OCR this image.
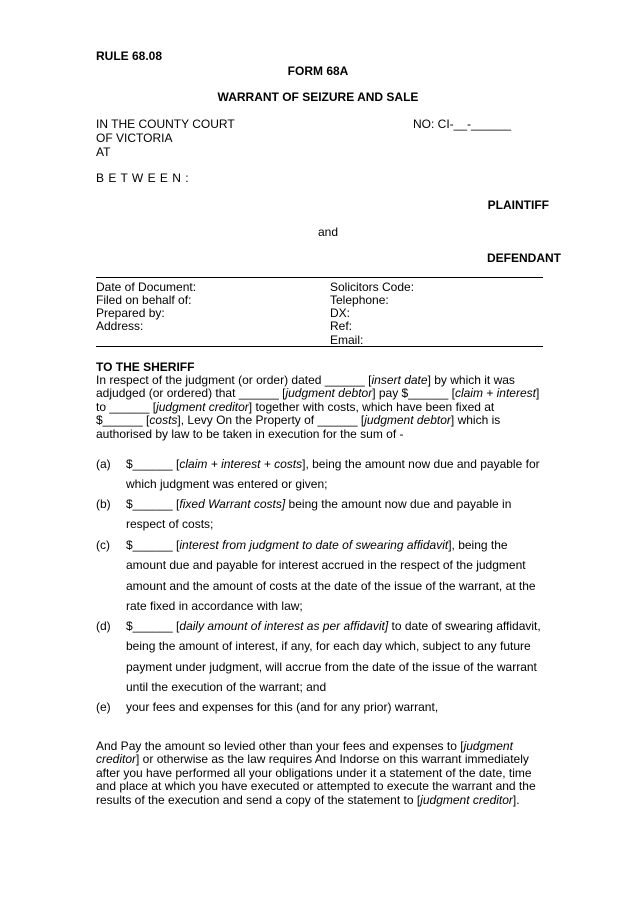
RULE 68.08
FORM 68A
WARRANT OF SEIZURE AND SALE
IN THE COUNTY COURT
OF VICTORIA
AT
NO: CI-__-______
B E T W E E N :
PLAINTIFF
and
DEFENDANT
Date of Document:
Filed on behalf of:
Prepared by:
Address:
Solicitors Code:
Telephone:
DX:
Ref:
Email:
TO THE SHERIFF
In respect of the judgment (or order) dated ______ [insert date] by which it was adjudged (or ordered) that ______ [judgment debtor] pay $______ [claim + interest] to ______ [judgment creditor] together with costs, which have been fixed at $______ [costs], Levy On the Property of ______ [judgment debtor] which is authorised by law to be taken in execution for the sum of -
(a) $______ [claim + interest + costs], being the amount now due and payable for which judgment was entered or given;
(b) $______ [fixed Warrant costs] being the amount now due and payable in respect of costs;
(c) $______ [interest from judgment to date of swearing affidavit], being the amount due and payable for interest accrued in the respect of the judgment amount and the amount of costs at the date of the issue of the warrant, at the rate fixed in accordance with law;
(d) $______ [daily amount of interest as per affidavit] to date of swearing affidavit, being the amount of interest, if any, for each day which, subject to any future payment under judgment, will accrue from the date of the issue of the warrant until the execution of the warrant; and
(e) your fees and expenses for this (and for any prior) warrant,
And Pay the amount so levied other than your fees and expenses to [judgment creditor] or otherwise as the law requires And Indorse on this warrant immediately after you have performed all your obligations under it a statement of the date, time and place at which you have executed or attempted to execute the warrant and the results of the execution and send a copy of the statement to [judgment creditor].
